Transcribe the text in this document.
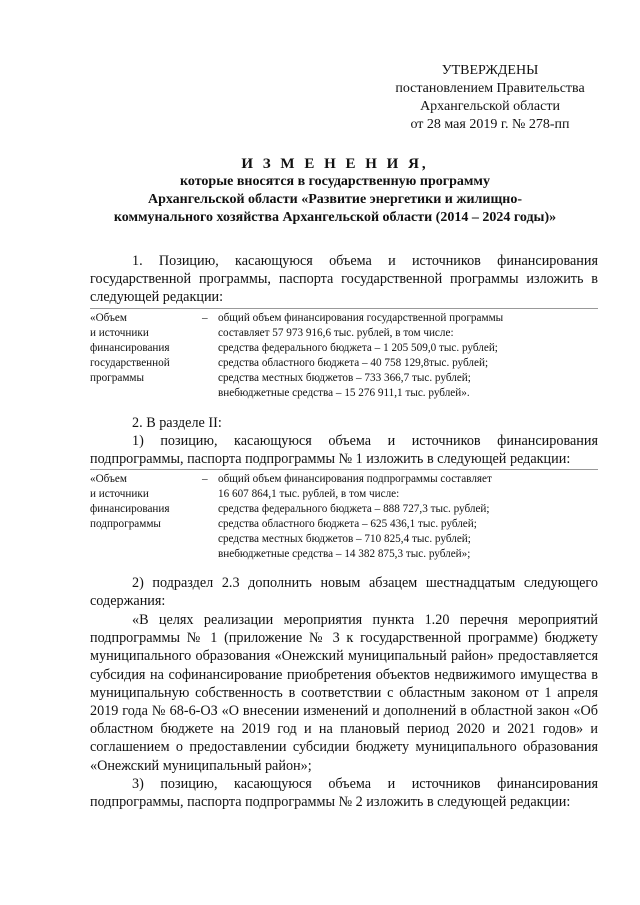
УТВЕРЖДЕНЫ
постановлением Правительства
Архангельской области
от 28 мая 2019 г. № 278-пп
И З М Е Н Е Н И Я,
которые вносятся в государственную программу
Архангельской области «Развитие энергетики и жилищно-
коммунального хозяйства Архангельской области (2014 – 2024 годы)»
1. Позицию, касающуюся объема и источников финансирования государственной программы, паспорта государственной программы изложить в следующей редакции:
«Объем
и источники
финансирования
государственной
программы
– общий объем финансирования государственной программы
составляет 57 973 916,6 тыс. рублей, в том числе:
средства федерального бюджета – 1 205 509,0 тыс. рублей;
средства областного бюджета – 40 758 129,8тыс. рублей;
средства местных бюджетов – 733 366,7 тыс. рублей;
внебюджетные средства – 15 276 911,1 тыс. рублей».
2. В разделе II:
1) позицию, касающуюся объема и источников финансирования подпрограммы, паспорта подпрограммы № 1 изложить в следующей редакции:
«Объем
и источники
финансирования
подпрограммы
– общий объем финансирования подпрограммы составляет
16 607 864,1 тыс. рублей, в том числе:
средства федерального бюджета – 888 727,3 тыс. рублей;
средства областного бюджета – 625 436,1 тыс. рублей;
средства местных бюджетов – 710 825,4 тыс. рублей;
внебюджетные средства – 14 382 875,3 тыс. рублей»;
2) подраздел 2.3 дополнить новым абзацем шестнадцатым следующего содержания:
«В целях реализации мероприятия пункта 1.20 перечня мероприятий подпрограммы № 1 (приложение № 3 к государственной программе) бюджету муниципального образования «Онежский муниципальный район» предоставляется субсидия на софинансирование приобретения объектов недвижимого имущества в муниципальную собственность в соответствии с областным законом от 1 апреля 2019 года № 68-6-ОЗ «О внесении изменений и дополнений в областной закон «Об областном бюджете на 2019 год и на плановый период 2020 и 2021 годов» и соглашением о предоставлении субсидии бюджету муниципального образования «Онежский муниципальный район»;
3) позицию, касающуюся объема и источников финансирования подпрограммы, паспорта подпрограммы № 2 изложить в следующей редакции:
